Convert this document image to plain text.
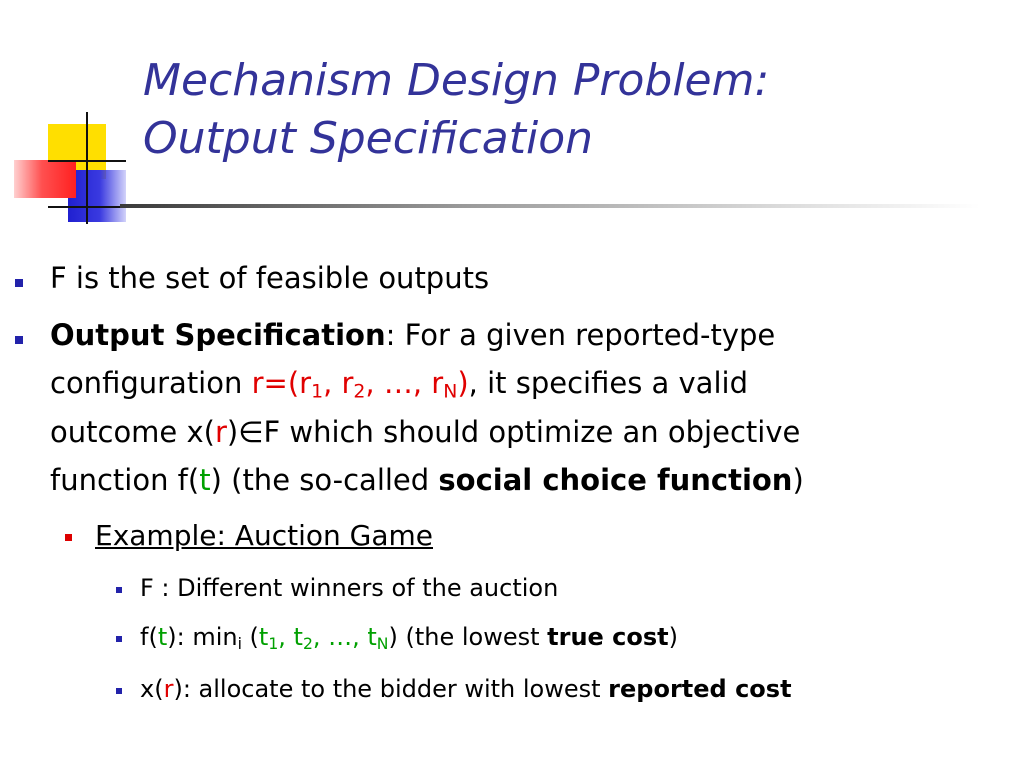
Mechanism Design Problem:
Output Specification
F is the set of feasible outputs
Output Specification: For a given reported-type
configuration $r=(r_1$, $r_2$, …, $r_N$), it specifies a valid
outcome x(r)∈F which should optimize an objective
function f(t) (the so-called social choice function)
Example: Auction Game
F : Different winners of the auction
f(t): $\min_i (t_1$, $t_2$, …, $t_N$) (the lowest true cost)
x(r): allocate to the bidder with lowest reported cost
